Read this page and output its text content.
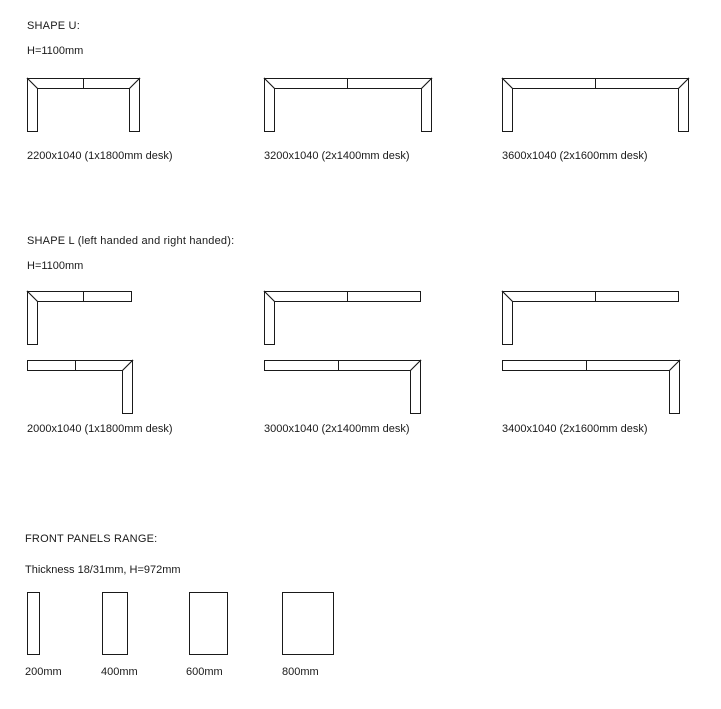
SHAPE U:
H=1100mm
2200x1040 (1x1800mm desk)	3200x1040 (2x1400mm desk)	3600x1040 (2x1600mm desk)
SHAPE L (left handed and right handed):
H=1100mm
2000x1040 (1x1800mm desk)	3000x1040 (2x1400mm desk)	3400x1040 (2x1600mm desk)
FRONT PANELS RANGE:
Thickness 18/31mm, H=972mm
200mm	400mm	600mm	800mm
